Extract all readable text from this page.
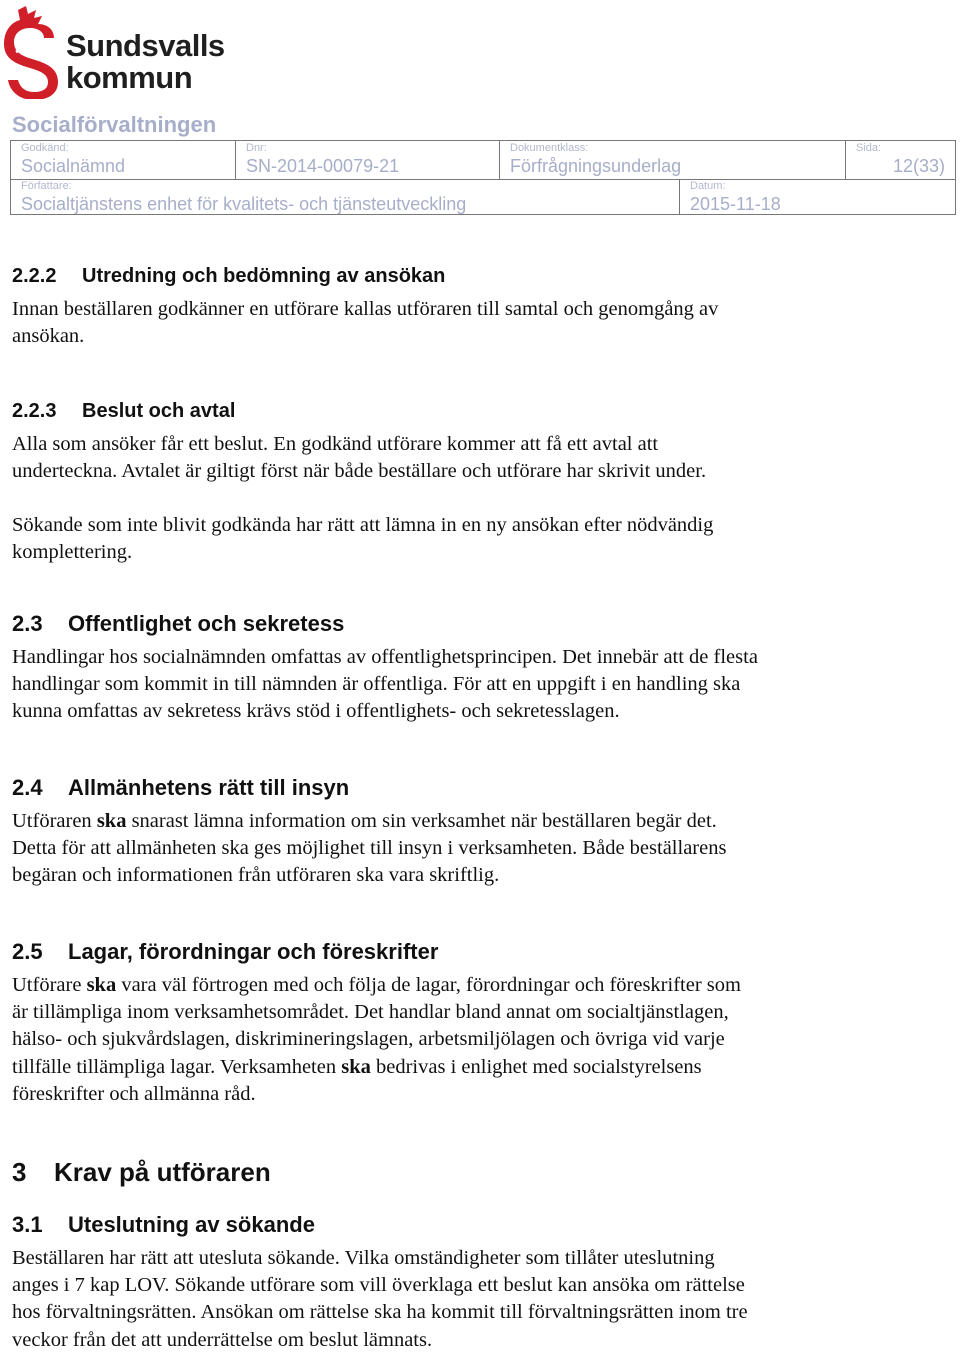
Sundsvalls
kommun
Socialförvaltningen
Godkänd:
Socialnämnd
Dnr:
SN-2014-00079-21
Dokumentklass:
Förfrågningsunderlag
Sida:
12(33)
Författare:
Socialtjänstens enhet för kvalitets- och tjänsteutveckling
Datum:
2015-11-18
2.2.2 Utredning och bedömning av ansökan
Innan beställaren godkänner en utförare kallas utföraren till samtal och genomgång av
ansökan.
2.2.3 Beslut och avtal
Alla som ansöker får ett beslut. En godkänd utförare kommer att få ett avtal att
underteckna. Avtalet är giltigt först när både beställare och utförare har skrivit under.
Sökande som inte blivit godkända har rätt att lämna in en ny ansökan efter nödvändig
komplettering.
2.3 Offentlighet och sekretess
Handlingar hos socialnämnden omfattas av offentlighetsprincipen. Det innebär att de flesta
handlingar som kommit in till nämnden är offentliga. För att en uppgift i en handling ska
kunna omfattas av sekretess krävs stöd i offentlighets- och sekretesslagen.
2.4 Allmänhetens rätt till insyn
Utföraren ska snarast lämna information om sin verksamhet när beställaren begär det.
Detta för att allmänheten ska ges möjlighet till insyn i verksamheten. Både beställarens
begäran och informationen från utföraren ska vara skriftlig.
2.5 Lagar, förordningar och föreskrifter
Utförare ska vara väl förtrogen med och följa de lagar, förordningar och föreskrifter som
är tillämpliga inom verksamhetsområdet. Det handlar bland annat om socialtjänstlagen,
hälso- och sjukvårdslagen, diskrimineringslagen, arbetsmiljölagen och övriga vid varje
tillfälle tillämpliga lagar. Verksamheten ska bedrivas i enlighet med socialstyrelsens
föreskrifter och allmänna råd.
3 Krav på utföraren
3.1 Uteslutning av sökande
Beställaren har rätt att utesluta sökande. Vilka omständigheter som tillåter uteslutning
anges i 7 kap LOV. Sökande utförare som vill överklaga ett beslut kan ansöka om rättelse
hos förvaltningsrätten. Ansökan om rättelse ska ha kommit till förvaltningsrätten inom tre
veckor från det att underrättelse om beslut lämnats.
